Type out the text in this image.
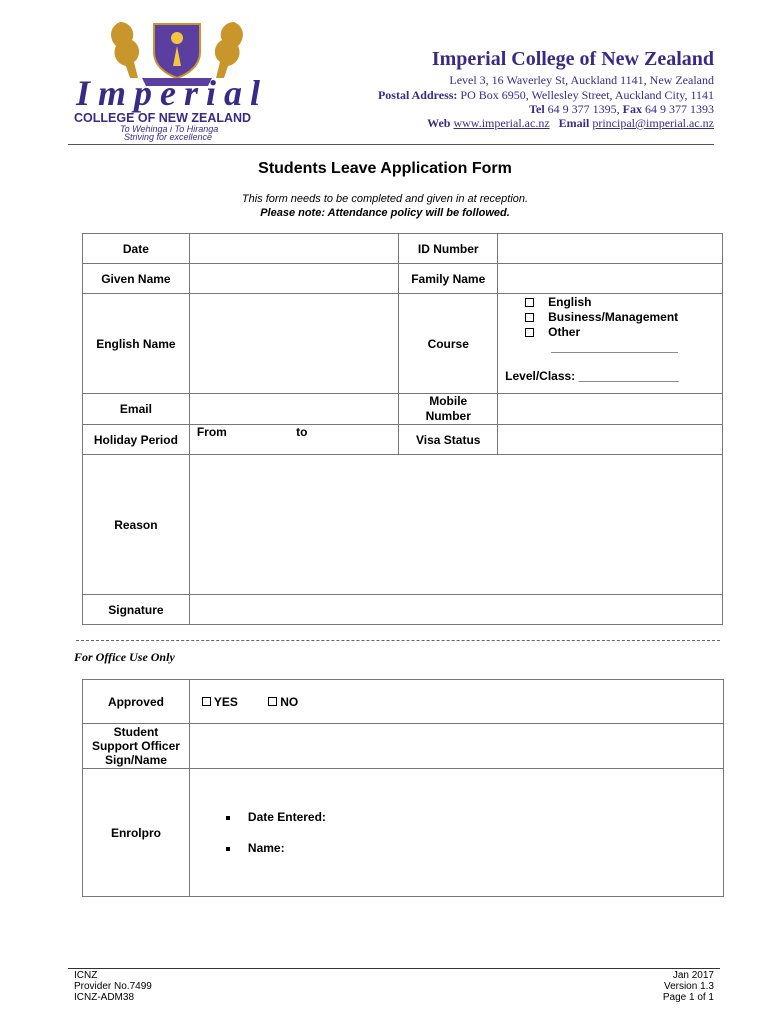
Imperial
COLLEGE OF NEW ZEALAND
To Wehinga i To Hiranga
Striving for excellence
Imperial College of New Zealand
Level 3, 16 Waverley St, Auckland 1141, New Zealand
Postal Address: PO Box 6950, Wellesley Street, Auckland City, 1141
Tel 64 9 377 1395, Fax 64 9 377 1393
Web www.imperial.ac.nz Email principal@imperial.ac.nz
Students Leave Application Form
This form needs to be completed and given in at reception.
Please note: Attendance policy will be followed.
Date		ID Number	
Given Name		Family Name	
English Name		Course	English
Business/Management
Other
___________________
Level/Class: _______________

Email		Mobile
Number	

Holiday Period	From to	Visa Status	
Reason			
Signature			
For Office Use Only
Approved	YES NO

Student
Support Officer
Sign/Name	

Enrolpro	Date Entered:
Name:
ICNZ
Provider No.7499
ICNZ-ADM38
Jan 2017
Version 1.3
Page 1 of 1
